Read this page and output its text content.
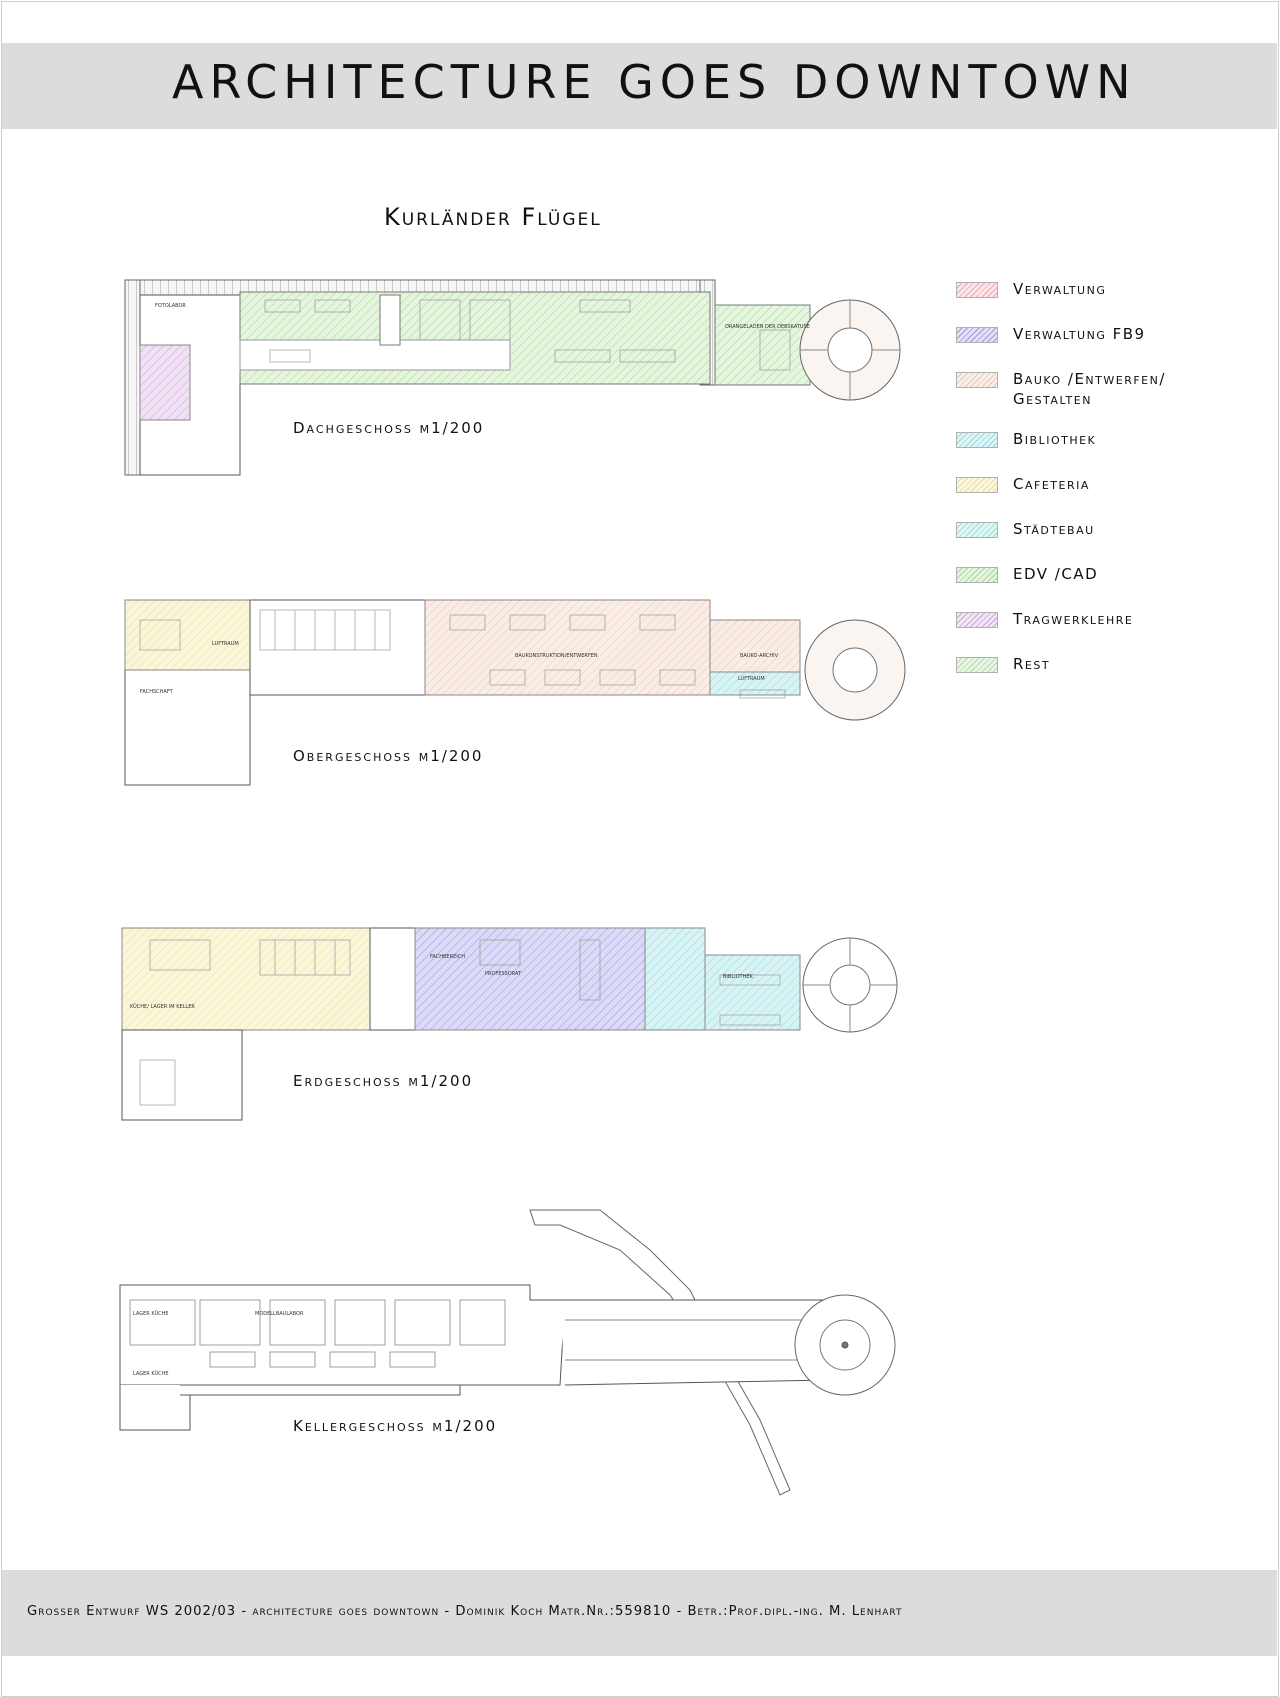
ARCHITECTURE GOES DOWNTOWN
Kurländer Flügel
FOTOLABOR
ORANGELADEN DER DEBSKATUSE
LUFTRAUM
FACHSCHAFT
BAUKONSTRUKTION/ENTWERFEN	BAUKO-ARCHIV
LUFTRAUM
KÜCHE/ LAGER IM KELLER
FACHBEREICH
PROFESSORAT	BIBLIOTHEK
LAGER KÜCHE	MODELLBAULABOR
LAGER KÜCHE
Dachgeschoss m1/200
Obergeschoss m1/200
Erdgeschoss m1/200
Kellergeschoss m1/200
Verwaltung
Verwaltung FB9
Bauko /Entwerfen/ Gestalten
Bibliothek
Cafeteria
Städtebau
EDV /CAD
Tragwerklehre
Rest
Grosser Entwurf WS 2002/03 - architecture goes downtown - Dominik Koch Matr.Nr.:559810 - Betr.:Prof.dipl.-ing. M. Lenhart
